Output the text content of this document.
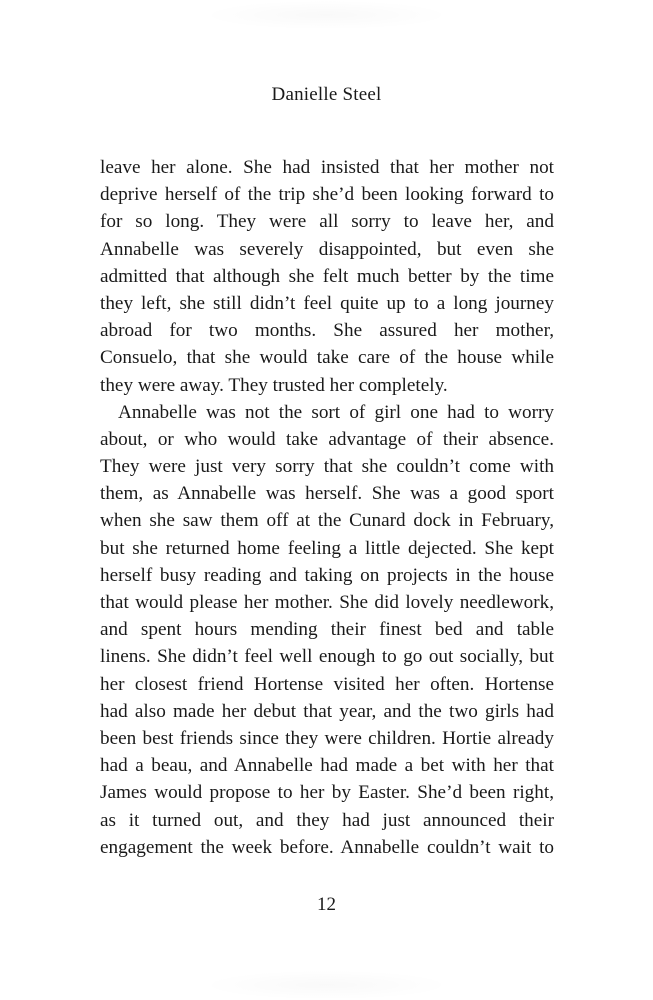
Danielle Steel
leave her alone. She had insisted that her mother not
deprive herself of the trip she’d been looking forward to
for so long. They were all sorry to leave her, and
Annabelle was severely disappointed, but even she
admitted that although she felt much better by the time
they left, she still didn’t feel quite up to a long journey
abroad for two months. She assured her mother,
Consuelo, that she would take care of the house while
they were away. They trusted her completely.
Annabelle was not the sort of girl one had to worry
about, or who would take advantage of their absence.
They were just very sorry that she couldn’t come with
them, as Annabelle was herself. She was a good sport
when she saw them off at the Cunard dock in February,
but she returned home feeling a little dejected. She kept
herself busy reading and taking on projects in the house
that would please her mother. She did lovely needlework,
and spent hours mending their finest bed and table
linens. She didn’t feel well enough to go out socially, but
her closest friend Hortense visited her often. Hortense
had also made her debut that year, and the two girls had
been best friends since they were children. Hortie already
had a beau, and Annabelle had made a bet with her that
James would propose to her by Easter. She’d been right,
as it turned out, and they had just announced their
engagement the week before. Annabelle couldn’t wait to
12
